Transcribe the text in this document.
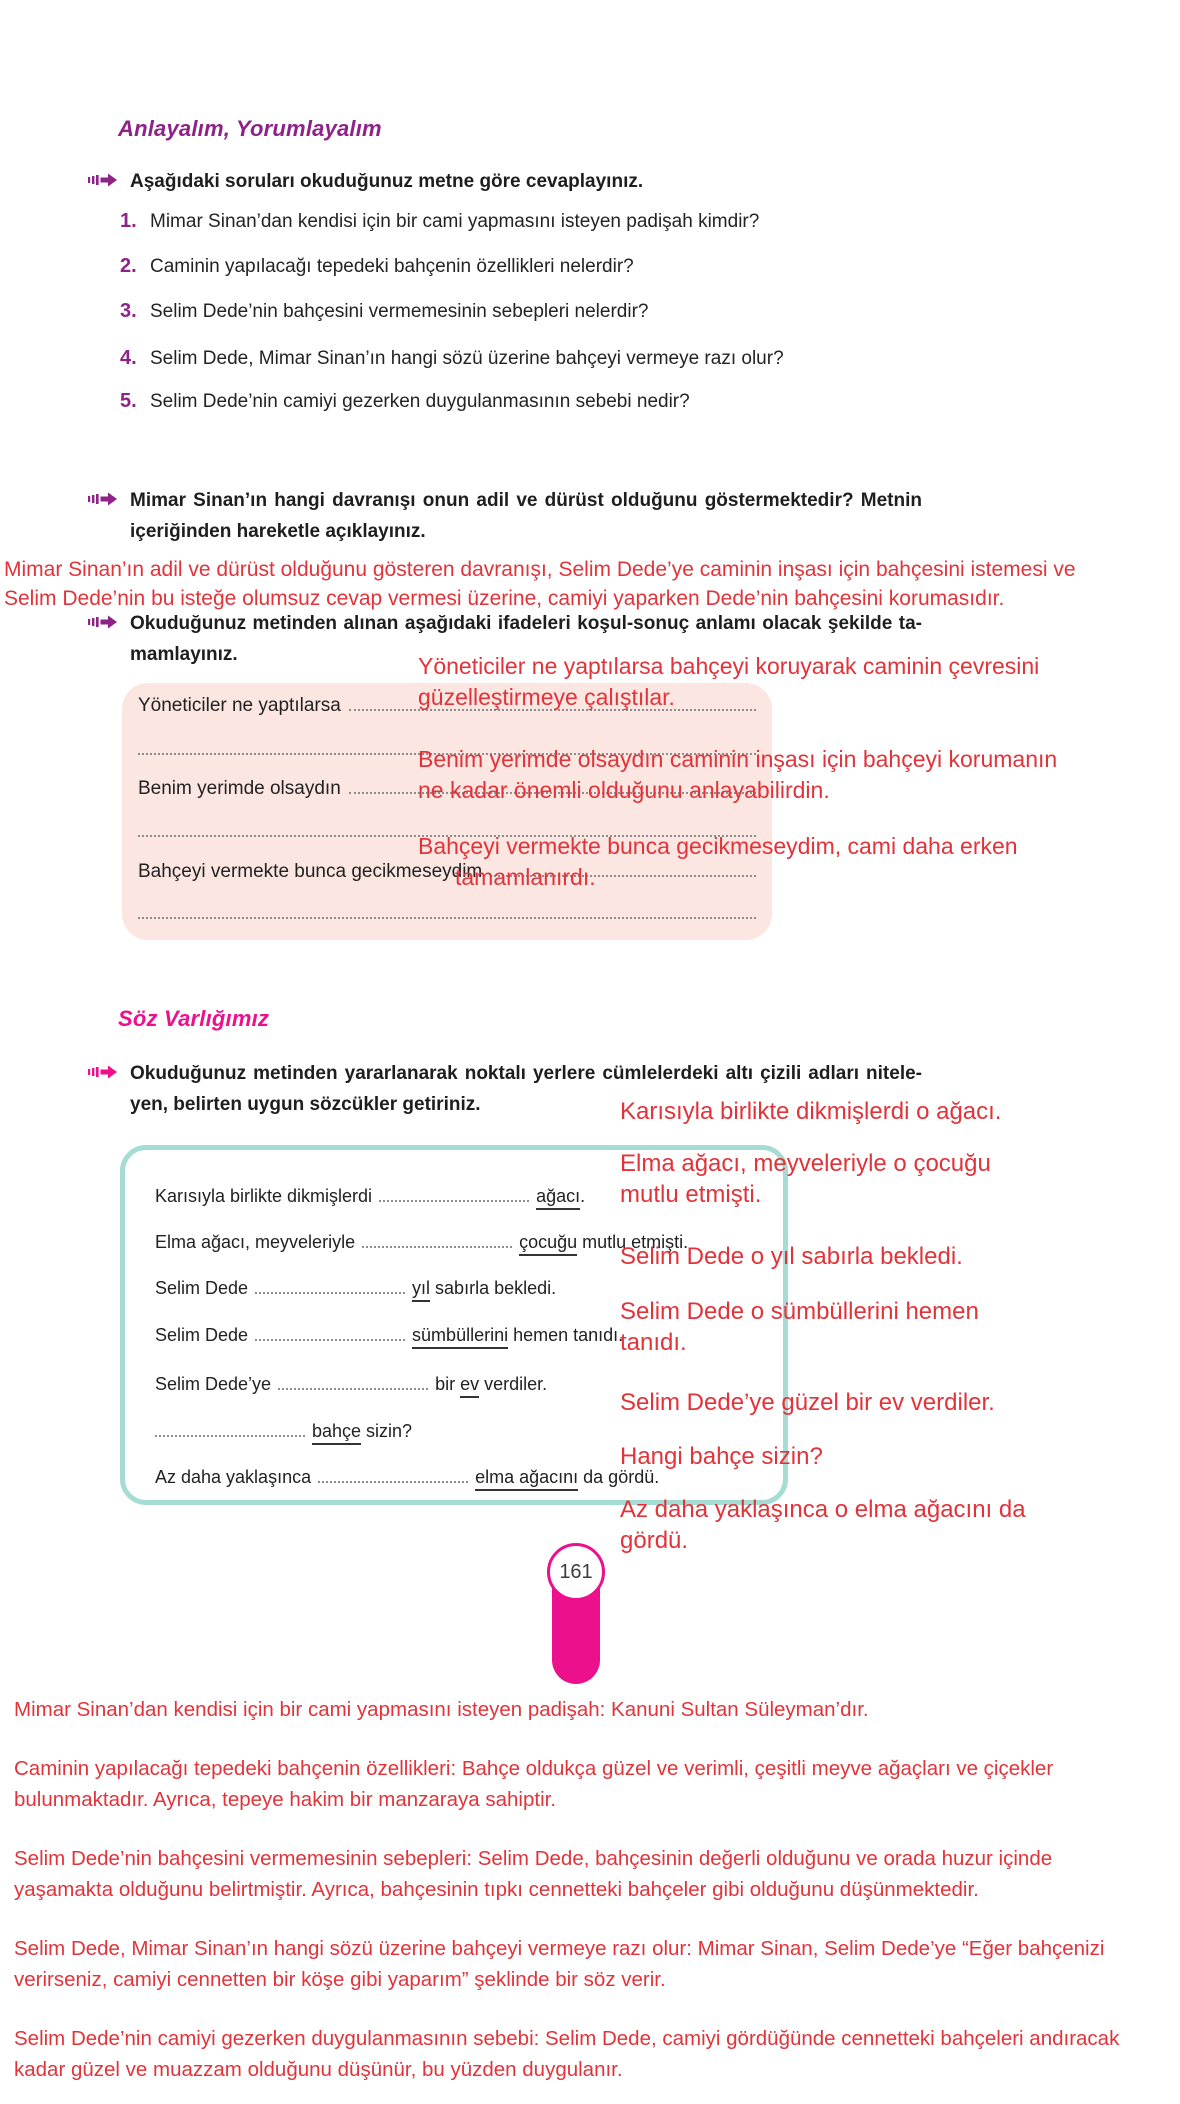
Anlayalım, Yorumlayalım
Aşağıdaki soruları okuduğunuz metne göre cevaplayınız.
1. Mimar Sinan’dan kendisi için bir cami yapmasını isteyen padişah kimdir?
2. Caminin yapılacağı tepedeki bahçenin özellikleri nelerdir?
3. Selim Dede’nin bahçesini vermemesinin sebepleri nelerdir?
4. Selim Dede, Mimar Sinan’ın hangi sözü üzerine bahçeyi vermeye razı olur?
5. Selim Dede’nin camiyi gezerken duygulanmasının sebebi nedir?
Mimar Sinan’ın hangi davranışı onun adil ve dürüst olduğunu göstermektedir? Metnin
içeriğinden hareketle açıklayınız.
Mimar Sinan’ın adil ve dürüst olduğunu gösteren davranışı, Selim Dede’ye caminin inşası için bahçesini istemesi ve
Selim Dede’nin bu isteğe olumsuz cevap vermesi üzerine, camiyi yaparken Dede’nin bahçesini korumasıdır.
Okuduğunuz metinden alınan aşağıdaki ifadeleri koşul-sonuç anlamı olacak şekilde ta-
mamlayınız.
Yöneticiler ne yaptılarsa
Benim yerimde olsaydın
Bahçeyi vermekte bunca gecikmeseydim
Yöneticiler ne yaptılarsa bahçeyi koruyarak caminin çevresini
güzelleştirmeye çalıştılar.
Benim yerimde olsaydın caminin inşası için bahçeyi korumanın
ne kadar önemli olduğunu anlayabilirdin.
Bahçeyi vermekte bunca gecikmeseydim, cami daha erken
tamamlanırdı.
Söz Varlığımız
Okuduğunuz metinden yararlanarak noktalı yerlere cümlelerdeki altı çizili adları nitele-
yen, belirten uygun sözcükler getiriniz.	Karısıyla birlikte dikmişlerdi o ağacı.
Karısıyla birlikte dikmişlerdi	ağacı .
Elma ağacı, meyveleriyle	çocuğu mutlu etmişti.
Selim Dede	yıl sabırla bekledi.
Selim Dede	sümbüllerini hemen tanıdı.
Selim Dede’ye	bir ev verdiler.
bahçe sizin?
Az daha yaklaşınca	elma ağacını da gördü.
Elma ağacı, meyveleriyle o çocuğu mutlu etmişti.
Selim Dede o yıl sabırla bekledi.
Selim Dede o sümbüllerini hemen tanıdı.
Selim Dede’ye güzel bir ev verdiler.
Hangi bahçe sizin?
Az daha yaklaşınca o elma ağacını da gördü.
161

Mimar Sinan’dan kendisi için bir cami yapmasını isteyen padişah: Kanuni Sultan Süleyman’dır.

Caminin yapılacağı tepedeki bahçenin özellikleri: Bahçe oldukça güzel ve verimli, çeşitli meyve ağaçları ve çiçekler bulunmaktadır. Ayrıca, tepeye hakim bir manzaraya sahiptir.

Selim Dede’nin bahçesini vermemesinin sebepleri: Selim Dede, bahçesinin değerli olduğunu ve orada huzur içinde yaşamakta olduğunu belirtmiştir. Ayrıca, bahçesinin tıpkı cennetteki bahçeler gibi olduğunu düşünmektedir.

Selim Dede, Mimar Sinan’ın hangi sözü üzerine bahçeyi vermeye razı olur: Mimar Sinan, Selim Dede’ye “Eğer bahçenizi verirseniz, camiyi cennetten bir köşe gibi yaparım” şeklinde bir söz verir.

Selim Dede’nin camiyi gezerken duygulanmasının sebebi: Selim Dede, camiyi gördüğünde cennetteki bahçeleri andıracak kadar güzel ve muazzam olduğunu düşünür, bu yüzden duygulanır.
